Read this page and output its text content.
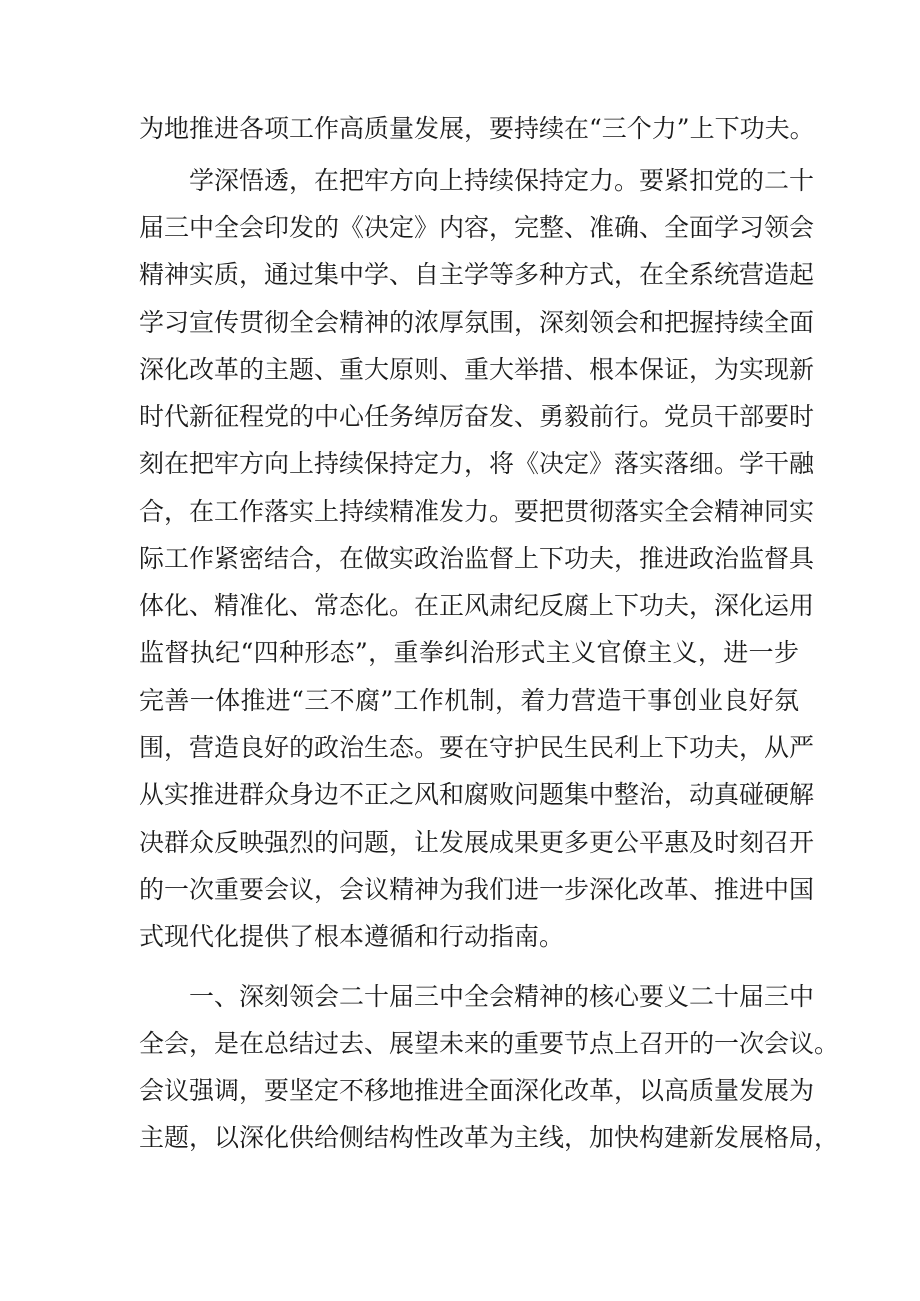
为地推进各项工作高质量发展，要持续在“三个力”上下功夫。
学深悟透，在把牢方向上持续保持定力。要紧扣党的二十
届三中全会印发的《决定》内容，完整、准确、全面学习领会
精神实质，通过集中学、自主学等多种方式，在全系统营造起
学习宣传贯彻全会精神的浓厚氛围，深刻领会和把握持续全面
深化改革的主题、重大原则、重大举措、根本保证，为实现新
时代新征程党的中心任务绰厉奋发、勇毅前行。党员干部要时
刻在把牢方向上持续保持定力，将《决定》落实落细。学干融
合，在工作落实上持续精准发力。要把贯彻落实全会精神同实
际工作紧密结合，在做实政治监督上下功夫，推进政治监督具
体化、精准化、常态化。在正风肃纪反腐上下功夫，深化运用
监督执纪“四种形态”，重拳纠治形式主义官僚主义，进一步
完善一体推进“三不腐”工作机制，着力营造干事创业良好氛
围，营造良好的政治生态。要在守护民生民利上下功夫，从严
从实推进群众身边不正之风和腐败问题集中整治，动真碰硬解
决群众反映强烈的问题，让发展成果更多更公平惠及时刻召开
的一次重要会议，会议精神为我们进一步深化改革、推进中国
式现代化提供了根本遵循和行动指南。
一、深刻领会二十届三中全会精神的核心要义二十届三中
全会，是在总结过去、展望未来的重要节点上召开的一次会议。
会议强调，要坚定不移地推进全面深化改革，以高质量发展为
主题，以深化供给侧结构性改革为主线，加快构建新发展格局，
